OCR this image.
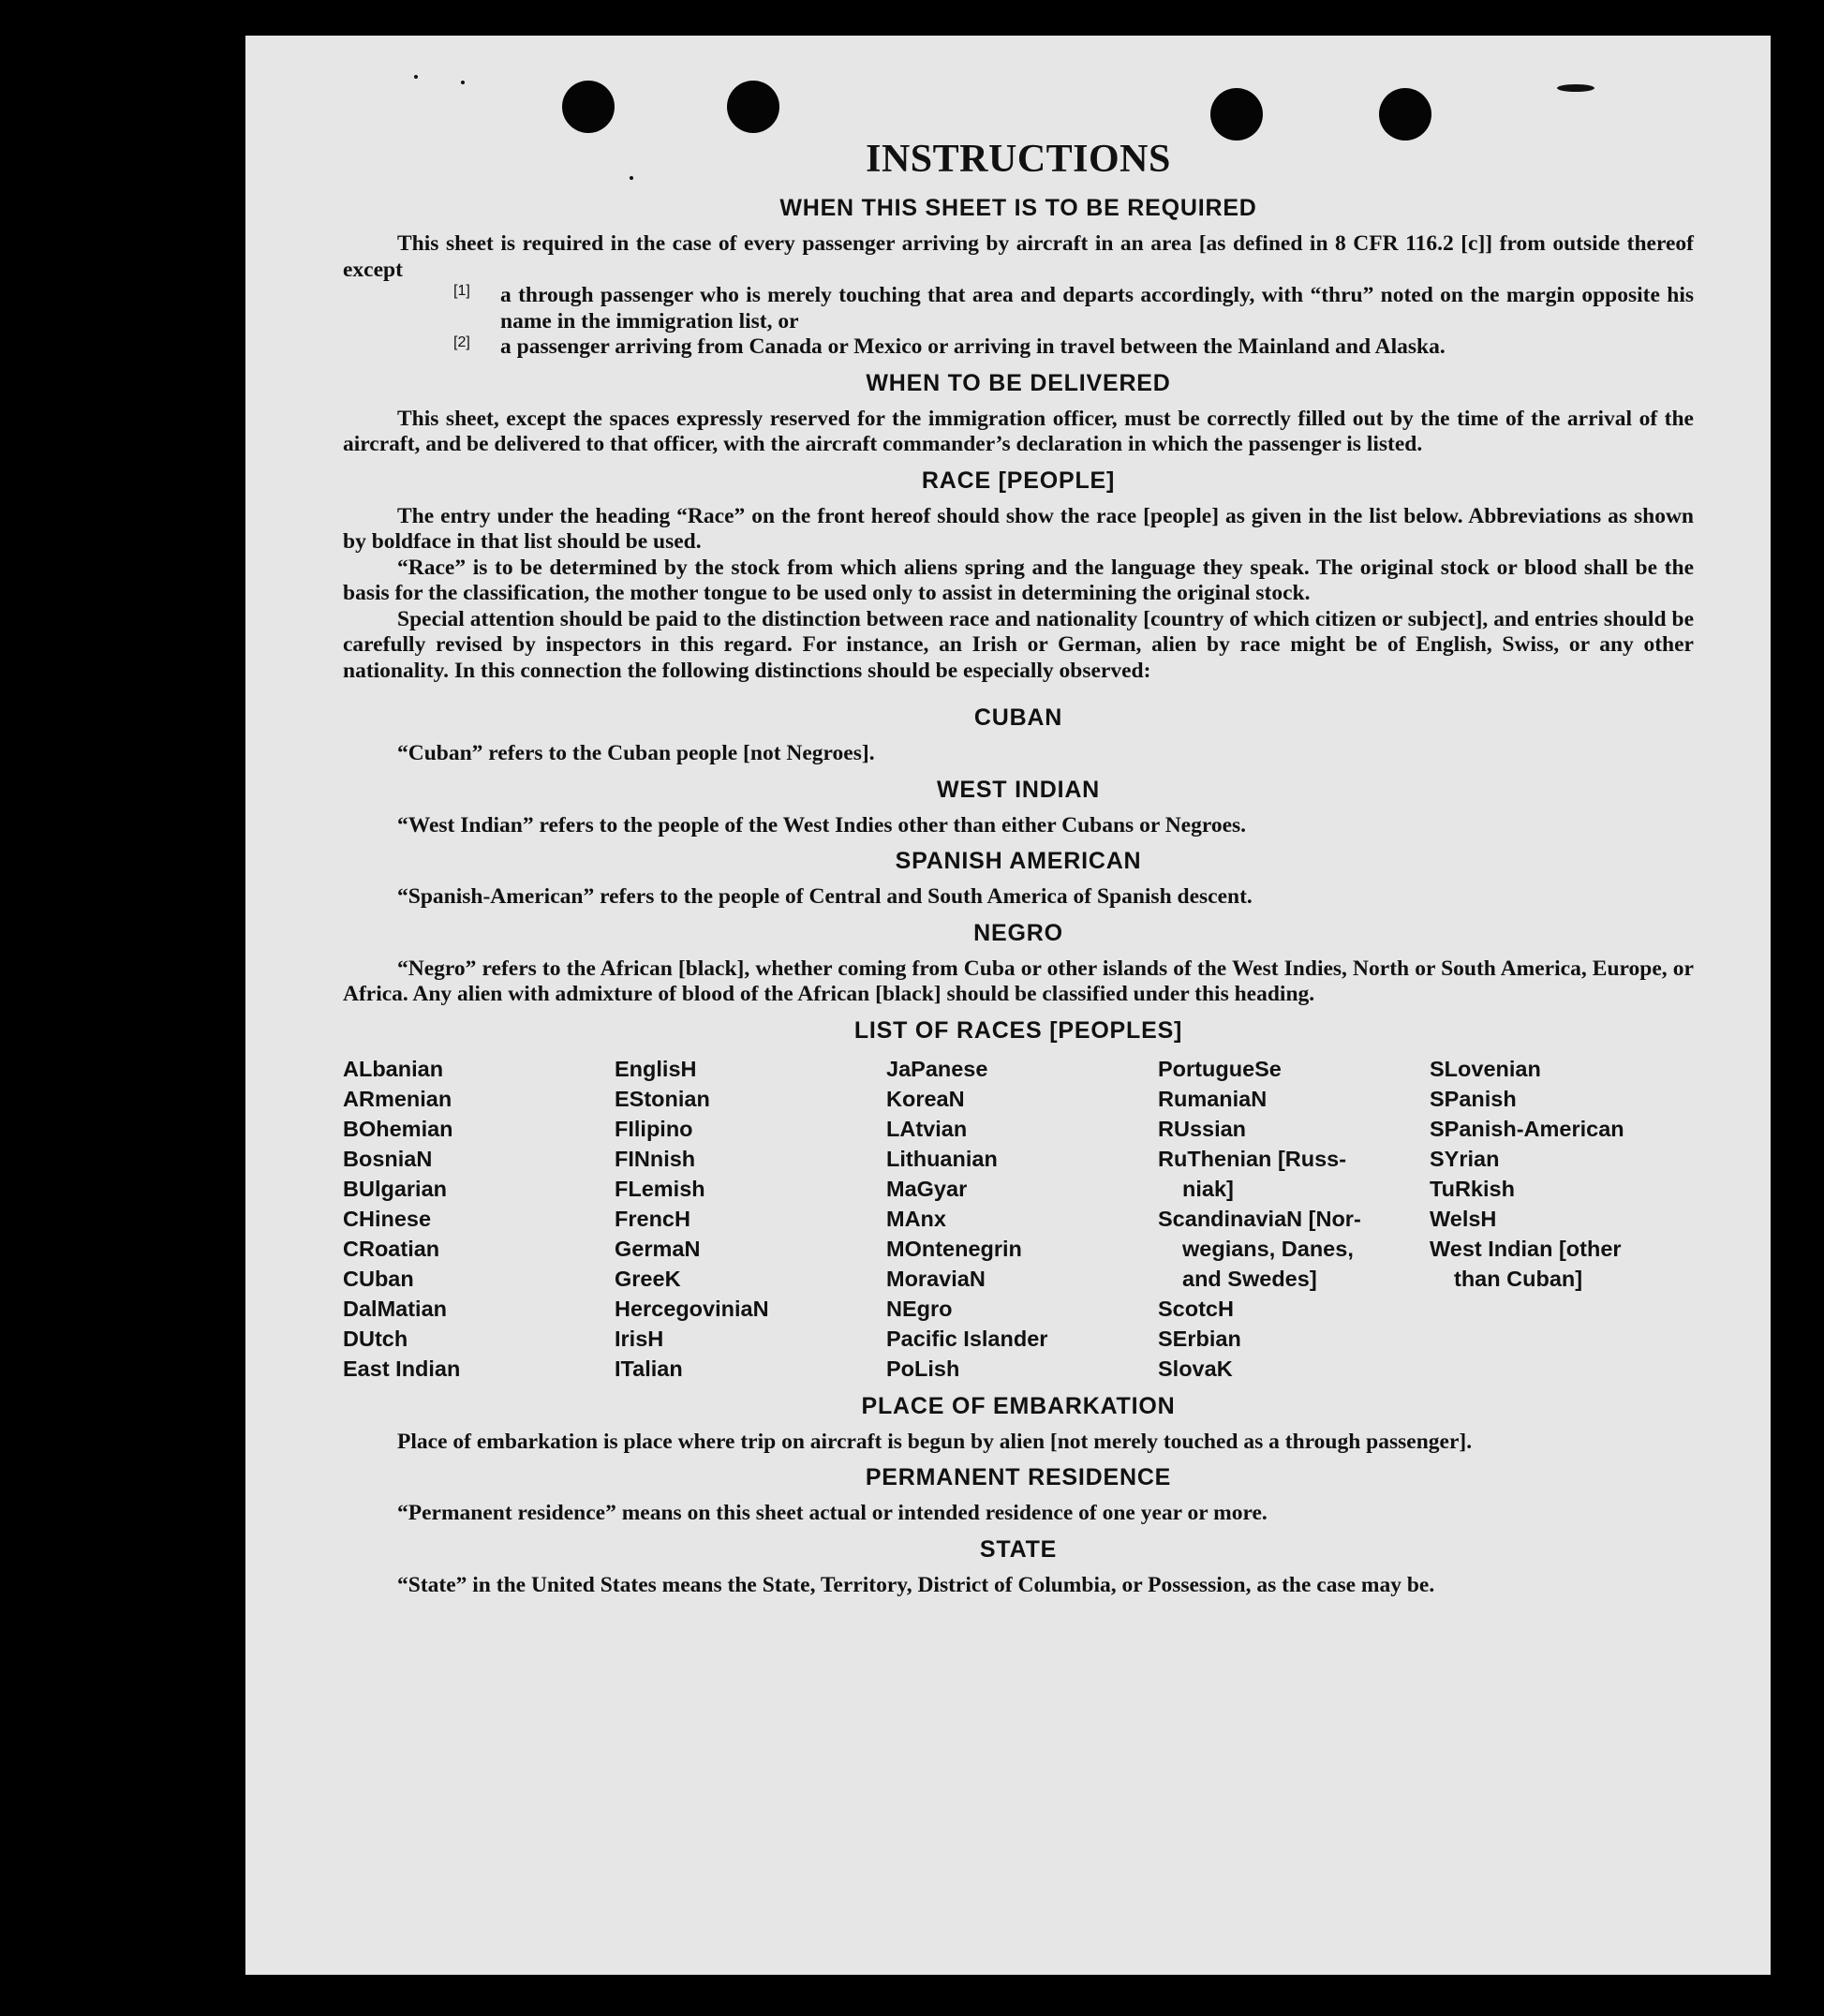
INSTRUCTIONS
WHEN THIS SHEET IS TO BE REQUIRED

This sheet is required in the case of every passenger arriving by aircraft in an area [as defined in 8 CFR 116.2 [c]] from outside thereof except

[1]	a through passenger who is merely touching that area and departs accordingly, with “thru” noted on the margin opposite his name in the immigration list, or

[2]	a passenger arriving from Canada or Mexico or arriving in travel between the Mainland and Alaska.

WHEN TO BE DELIVERED

This sheet, except the spaces expressly reserved for the immigration officer, must be correctly filled out by the time of the arrival of the aircraft, and be delivered to that officer, with the aircraft commander’s declaration in which the passenger is listed.

RACE [PEOPLE]

The entry under the heading “Race” on the front hereof should show the race [people] as given in the list below. Abbreviations as shown by boldface in that list should be used.

“Race” is to be determined by the stock from which aliens spring and the language they speak. The original stock or blood shall be the basis for the classification, the mother tongue to be used only to assist in determining the original stock.

Special attention should be paid to the distinction between race and nationality [country of which citizen or subject], and entries should be carefully revised by inspectors in this regard. For instance, an Irish or German, alien by race might be of English, Swiss, or any other nationality. In this connection the following distinctions should be especially observed:

CUBAN

“Cuban” refers to the Cuban people [not Negroes].

WEST INDIAN

“West Indian” refers to the people of the West Indies other than either Cubans or Negroes.

SPANISH AMERICAN

“Spanish-American” refers to the people of Central and South America of Spanish descent.

NEGRO

“Negro” refers to the African [black], whether coming from Cuba or other islands of the West Indies, North or South America, Europe, or Africa. Any alien with admixture of blood of the African [black] should be classified under this heading.

LIST OF RACES [PEOPLES]
ALbanian
ARmenian
BOhemian
BosniaN
BUlgarian
CHinese
CRoatian
CUban
DalMatian
DUtch
East Indian
EnglisH
EStonian
FIlipino
FINnish
FLemish
FrencH
GermaN
GreeK
HercegoviniaN
IrisH
ITalian
JaPanese
KoreaN
LAtvian
Lithuanian
MaGyar
MAnx
MOntenegrin
MoraviaN
NEgro
Pacific Islander
PoLish
PortugueSe
RumaniaN
RUssian
RuThenian [Russ-
niak]
ScandinaviaN [Nor-
wegians, Danes,
and Swedes]
ScotcH
SErbian
SlovaK
SLovenian
SPanish
SPanish-American
SYrian
TuRkish
WelsH
West Indian [other
than Cuban]
PLACE OF EMBARKATION

Place of embarkation is place where trip on aircraft is begun by alien [not merely touched as a through passenger].

PERMANENT RESIDENCE

“Permanent residence” means on this sheet actual or intended residence of one year or more.

STATE

“State” in the United States means the State, Territory, District of Columbia, or Possession, as the case may be.
